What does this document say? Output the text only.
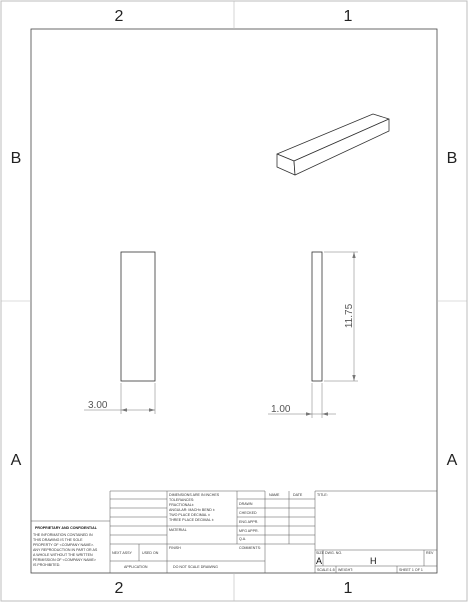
2	1
2	1
B
A
B
A
3.00	1.00
11.75
DIMENSIONS ARE IN INCHES
TOLERANCES:
FRACTIONAL±
ANGULAR: MACH± BEND ±
TWO PLACE DECIMAL ±
THREE PLACE DECIMAL ±
NAME	DATE
DRAWN
CHECKED
ENG APPR.
MFG APPR.
Q.A.
COMMENTS:
MATERIAL
FINISH
NEXT ASSY	USED ON
APPLICATION	DO NOT SCALE DRAWING
PROPRIETARY AND CONFIDENTIAL
THE INFORMATION CONTAINED IN
THIS DRAWING IS THE SOLE
PROPERTY OF <COMPANY NAME>.
ANY REPRODUCTION IN PART OR AS
A WHOLE WITHOUT THE WRITTEN
PERMISSION OF <COMPANY NAME>
IS PROHIBITED.
TITLE:
SIZE DWG. NO.	REV
A	H
SCALE:1:5 WEIGHT:	SHEET 1 OF 1
